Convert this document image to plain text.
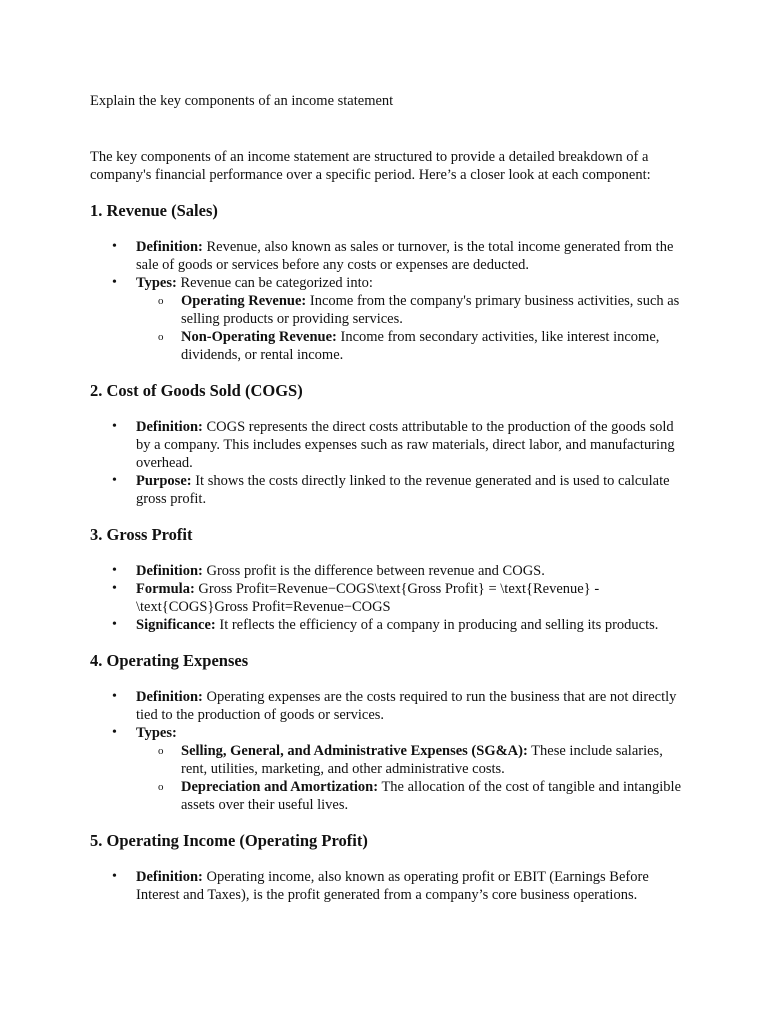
Explain the key components of an income statement

The key components of an income statement are structured to provide a detailed breakdown of a company's financial performance over a specific period. Here’s a closer look at each component:

1. Revenue (Sales)
• Definition: Revenue, also known as sales or turnover, is the total income generated from the sale of goods or services before any costs or expenses are deducted.
• Types: Revenue can be categorized into:
o Operating Revenue: Income from the company's primary business activities, such as selling products or providing services.
o Non-Operating Revenue: Income from secondary activities, like interest income, dividends, or rental income.
2. Cost of Goods Sold (COGS)
• Definition: COGS represents the direct costs attributable to the production of the goods sold by a company. This includes expenses such as raw materials, direct labor, and manufacturing overhead.
• Purpose: It shows the costs directly linked to the revenue generated and is used to calculate gross profit.
3. Gross Profit
• Definition: Gross profit is the difference between revenue and COGS.
• Formula: Gross Profit=Revenue−COGS\text{Gross Profit} = \text{Revenue} - \text{COGS}Gross Profit=Revenue−COGS
• Significance: It reflects the efficiency of a company in producing and selling its products.
4. Operating Expenses
• Definition: Operating expenses are the costs required to run the business that are not directly tied to the production of goods or services.
• Types:
o Selling, General, and Administrative Expenses (SG&A): These include salaries, rent, utilities, marketing, and other administrative costs.
o Depreciation and Amortization: The allocation of the cost of tangible and intangible assets over their useful lives.
5. Operating Income (Operating Profit)
• Definition: Operating income, also known as operating profit or EBIT (Earnings Before Interest and Taxes), is the profit generated from a company’s core business operations.
